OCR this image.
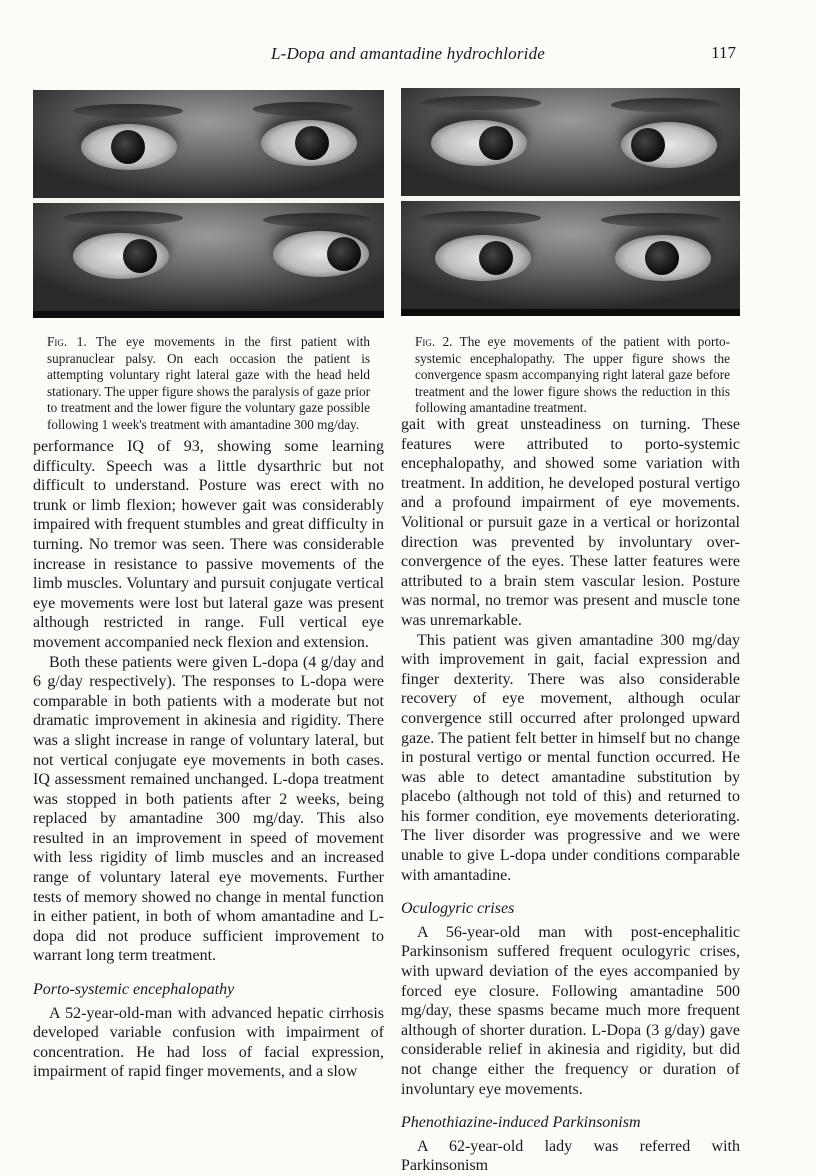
L-Dopa and amantadine hydrochloride	117
Fig. 1. The eye movements in the first patient with supranuclear palsy. On each occasion the patient is attempting voluntary right lateral gaze with the head held stationary. The upper figure shows the paralysis of gaze prior to treatment and the lower figure the voluntary gaze possible following 1 week's treatment with amantadine 300 mg/day.
Fig. 2. The eye movements of the patient with porto-systemic encephalopathy. The upper figure shows the convergence spasm accompanying right lateral gaze before treatment and the lower figure shows the reduction in this following amantadine treatment.

performance IQ of 93, showing some learning difficulty. Speech was a little dysarthric but not difficult to understand. Posture was erect with no trunk or limb flexion; however gait was considerably impaired with frequent stumbles and great difficulty in turning. No tremor was seen. There was considerable increase in resistance to passive movements of the limb muscles. Voluntary and pursuit conjugate vertical eye movements were lost but lateral gaze was present although restricted in range. Full vertical eye movement accompanied neck flexion and extension.

Both these patients were given L-dopa (4 g/day and 6 g/day respectively). The responses to L-dopa were comparable in both patients with a moderate but not dramatic improvement in akinesia and rigidity. There was a slight increase in range of voluntary lateral, but not vertical conjugate eye movements in both cases. IQ assessment remained unchanged. L-dopa treatment was stopped in both patients after 2 weeks, being replaced by amantadine 300 mg/day. This also resulted in an improvement in speed of movement with less rigidity of limb muscles and an increased range of voluntary lateral eye movements. Further tests of memory showed no change in mental function in either patient, in both of whom amantadine and L-dopa did not produce sufficient improvement to warrant long term treatment.

Porto-systemic encephalopathy

A 52-year-old-man with advanced hepatic cirrhosis developed variable confusion with impairment of concentration. He had loss of facial expression, impairment of rapid finger movements, and a slow

gait with great unsteadiness on turning. These features were attributed to porto-systemic encephalopathy, and showed some variation with treatment. In addition, he developed postural vertigo and a profound impairment of eye movements. Volitional or pursuit gaze in a vertical or horizontal direction was prevented by involuntary over-convergence of the eyes. These latter features were attributed to a brain stem vascular lesion. Posture was normal, no tremor was present and muscle tone was unremarkable.

This patient was given amantadine 300 mg/day with improvement in gait, facial expression and finger dexterity. There was also considerable recovery of eye movement, although ocular convergence still occurred after prolonged upward gaze. The patient felt better in himself but no change in postural vertigo or mental function occurred. He was able to detect amantadine substitution by placebo (although not told of this) and returned to his former condition, eye movements deteriorating. The liver disorder was progressive and we were unable to give L-dopa under conditions comparable with amantadine.

Oculogyric crises

A 56-year-old man with post-encephalitic Parkinsonism suffered frequent oculogyric crises, with upward deviation of the eyes accompanied by forced eye closure. Following amantadine 500 mg/day, these spasms became much more frequent although of shorter duration. L-Dopa (3 g/day) gave considerable relief in akinesia and rigidity, but did not change either the frequency or duration of involuntary eye movements.

Phenothiazine-induced Parkinsonism

A 62-year-old lady was referred with Parkinsonism
